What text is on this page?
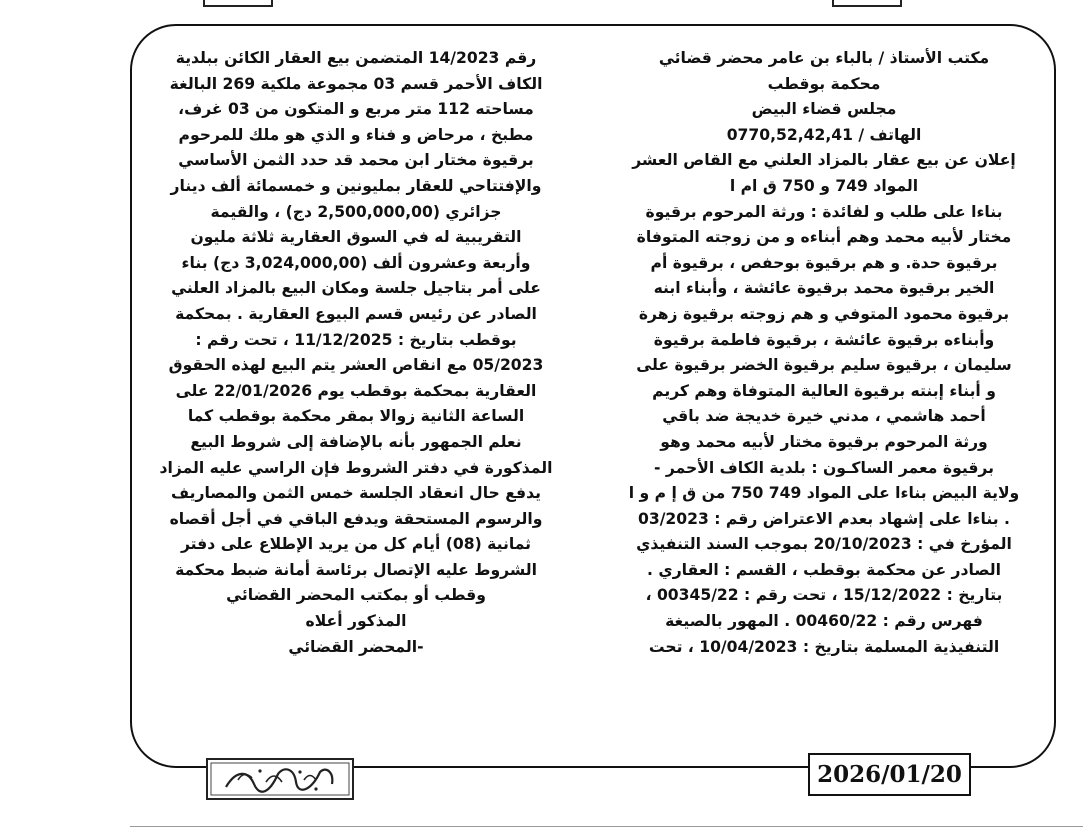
مكتب الأستاذ / بالباء بن عامر محضر قضائي
محكمة بوقطب
مجلس قضاء البيض
الهاتف / 0770,52,42,41
إعلان عن بيع عقار بالمزاد العلني مع القاص العشر
المواد 749 و 750 ق ام ا
بناءا على طلب و لفائدة : ورثة المرحوم برقيوة
مختار لأبيه محمد وهم أبناءه و من زوجته المتوفاة
برقيوة حدة. و هم برقيوة بوحفص ، برقيوة أم
الخير برقيوة محمد برقيوة عائشة ، وأبناء ابنه
برقيوة محمود المتوفي و هم زوجته برقيوة زهرة
وأبناءه برقيوة عائشة ، برقيوة فاطمة برقيوة
سليمان ، برقيوة سليم برقيوة الخضر برقيوة على
و أبناء إبنته برقيوة العالية المتوفاة وهم كريم
أحمد هاشمي ، مدني خيرة خديجة ضد باقي
ورثة المرحوم برقيوة مختار لأبيه محمد وهو
برقيوة معمر الساكـون : بلدية الكاف الأحمر -
ولاية البيض بناءا على المواد 749 750 من ق إ م و ا
. بناءا على إشهاد بعدم الاعتراض رقم : 03/2023
المؤرخ في : 20/10/2023 بموجب السند التنفيذي
الصادر عن محكمة بوقطب ، القسم : العقاري .
بتاريخ : 15/12/2022 ، تحت رقم : 00345/22 ،
فهرس رقم : 00460/22 . المهور بالصيغة
التنفيذية المسلمة بتاريخ : 10/04/2023 ، تحت
رقم 14/2023 المتضمن بيع العقار الكائن ببلدية
الكاف الأحمر قسم 03 مجموعة ملكية 269 البالغة
مساحته 112 متر مربع و المتكون من 03 غرف،
مطبخ ، مرحاض و فناء و الذي هو ملك للمرحوم
برقيوة مختار ابن محمد قد حدد الثمن الأساسي
والإفتتاحي للعقار بمليونين و خمسمائة ألف دينار
جزائري (2,500,000,00 دج) ، والقيمة
التقريبية له في السوق العقارية ثلاثة مليون
وأربعة وعشرون ألف (3,024,000,00 دج) بناء
على أمر بتاجيل جلسة ومكان البيع بالمزاد العلني
الصادر عن رئيس قسم البيوع العقارية . بمحكمة
بوقطب بتاريخ : 11/12/2025 ، تحت رقم :
05/2023 مع انقاص العشر يتم البيع لهذه الحقوق
العقارية بمحكمة بوقطب يوم 22/01/2026 على
الساعة الثانية زوالا بمقر محكمة بوقطب كما
نعلم الجمهور بأنه بالإضافة إلى شروط البيع
المذكورة في دفتر الشروط فإن الراسي عليه المزاد
يدفع حال انعقاد الجلسة خمس الثمن والمصاريف
والرسوم المستحقة ويدفع الباقي في أجل أقصاه
ثمانية (08) أيام كل من يريد الإطلاع على دفتر
الشروط عليه الإتصال برئاسة أمانة ضبط محكمة
وقطب أو بمكتب المحضر القضائي
المذكور أعلاه
-المحضر القضائي
2026/01/20
